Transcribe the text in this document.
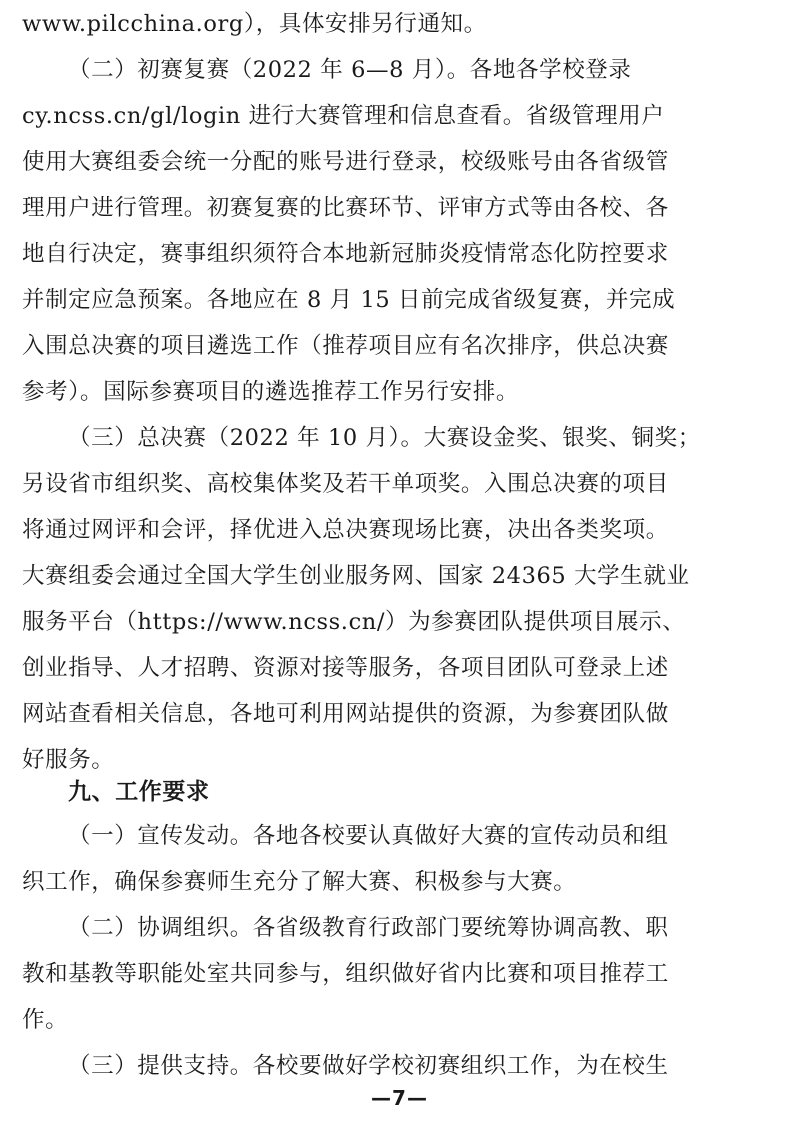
www.pilcchina.org），具体安排另行通知。
（二）初赛复赛（2022 年 6—8 月）。各地各学校登录
cy.ncss.cn/gl/login 进行大赛管理和信息查看。省级管理用户
使用大赛组委会统一分配的账号进行登录，校级账号由各省级管
理用户进行管理。初赛复赛的比赛环节、评审方式等由各校、各
地自行决定，赛事组织须符合本地新冠肺炎疫情常态化防控要求
并制定应急预案。各地应在 8 月 15 日前完成省级复赛，并完成
入围总决赛的项目遴选工作（推荐项目应有名次排序，供总决赛
参考）。国际参赛项目的遴选推荐工作另行安排。
（三）总决赛（2022 年 10 月）。大赛设金奖、银奖、铜奖；
另设省市组织奖、高校集体奖及若干单项奖。入围总决赛的项目
将通过网评和会评，择优进入总决赛现场比赛，决出各类奖项。
大赛组委会通过全国大学生创业服务网、国家 24365 大学生就业
服务平台（https://www.ncss.cn/）为参赛团队提供项目展示、
创业指导、人才招聘、资源对接等服务，各项目团队可登录上述
网站查看相关信息，各地可利用网站提供的资源，为参赛团队做
好服务。
九、工作要求
（一）宣传发动。各地各校要认真做好大赛的宣传动员和组
织工作，确保参赛师生充分了解大赛、积极参与大赛。
（二）协调组织。各省级教育行政部门要统筹协调高教、职
教和基教等职能处室共同参与，组织做好省内比赛和项目推荐工
作。
（三）提供支持。各校要做好学校初赛组织工作，为在校生
—7—
